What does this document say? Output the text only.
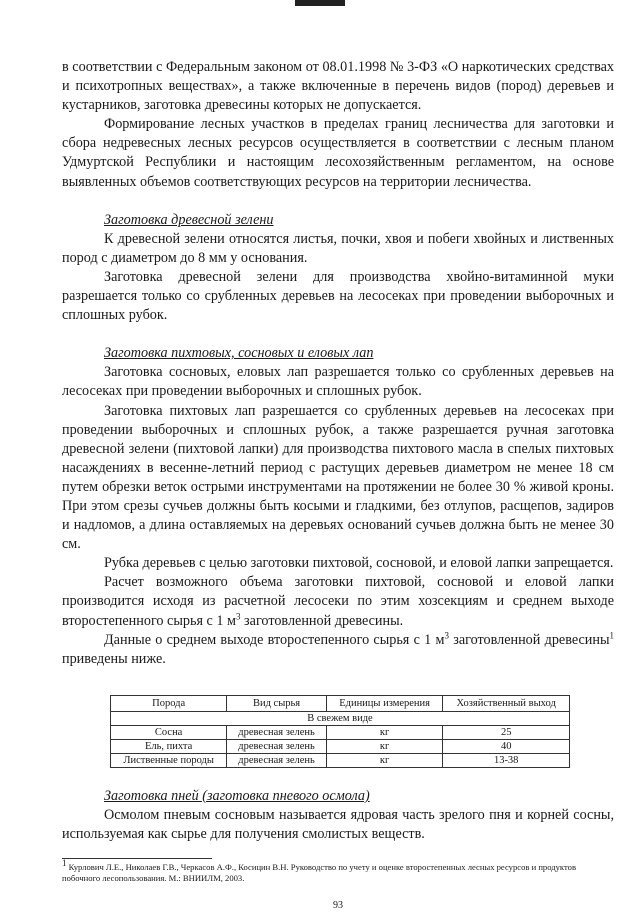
в соответствии с Федеральным законом от 08.01.1998 № 3-ФЗ «О наркотических средствах и психотропных веществах», а также включенные в перечень видов (пород) деревьев и кустарников, заготовка древесины которых не допускается.

Формирование лесных участков в пределах границ лесничества для заготовки и сбора недревесных лесных ресурсов осуществляется в соответствии с лесным планом Удмуртской Республики и настоящим лесохозяйственным регламентом, на основе выявленных объемов соответствующих ресурсов на территории лесничества.

Заготовка древесной зелени

К древесной зелени относятся листья, почки, хвоя и побеги хвойных и лиственных пород с диаметром до 8 мм у основания.

Заготовка древесной зелени для производства хвойно-витаминной муки разрешается только со срубленных деревьев на лесосеках при проведении выборочных и сплошных рубок.

Заготовка пихтовых, сосновых и еловых лап

Заготовка сосновых, еловых лап разрешается только со срубленных деревьев на лесосеках при проведении выборочных и сплошных рубок.

Заготовка пихтовых лап разрешается со срубленных деревьев на лесосеках при проведении выборочных и сплошных рубок, а также разрешается ручная заготовка древесной зелени (пихтовой лапки) для производства пихтового масла в спелых пихтовых насаждениях в весенне-летний период с растущих деревьев диаметром не менее 18 см путем обрезки веток острыми инструментами на протяжении не более 30 % живой кроны. При этом срезы сучьев должны быть косыми и гладкими, без отлупов, расщепов, задиров и надломов, а длина оставляемых на деревьях оснований сучьев должна быть не менее 30 см.

Рубка деревьев с целью заготовки пихтовой, сосновой, и еловой лапки запрещается.

Расчет возможного объема заготовки пихтовой, сосновой и еловой лапки производится исходя из расчетной лесосеки по этим хозсекциям и среднем выходе второстепенного сырья с 1 $м^3$ заготовленной древесины.

Данные о среднем выходе второстепенного сырья с 1 $м^3$ заготовленной древесины$^1$ приведены ниже.

Порода	Вид сырья	Единицы измерения	Хозяйственный выход
В свежем виде			
Сосна	древесная зелень	кг	25
Ель, пихта	древесная зелень	кг	40
Лиственные породы	древесная зелень	кг	13-38
Заготовка пней (заготовка пневого осмола)

Осмолом пневым сосновым называется ядровая часть зрелого пня и корней сосны, используемая как сырье для получения смолистых веществ.

$^1$ Курлович Л.Е., Николаев Г.В., Черкасов А.Ф., Косицин В.Н. Руководство по учету и оценке второстепенных лесных ресурсов и продуктов побочного лесопользования. М.: ВНИИЛМ, 2003.
93
